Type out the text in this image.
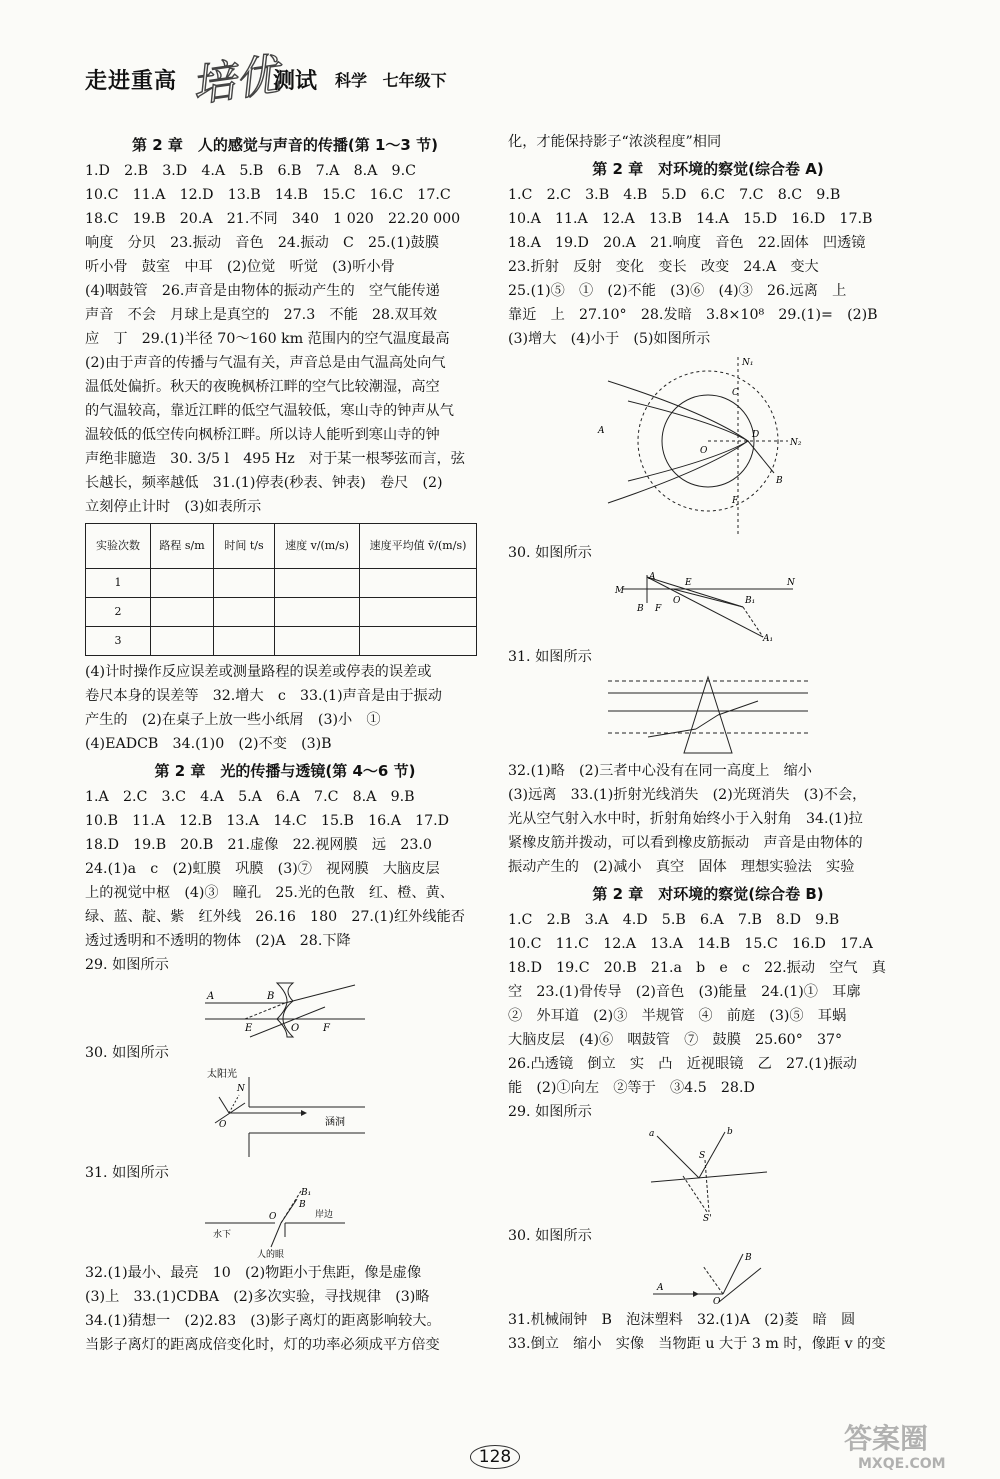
走进重高 培优
测试 科学 七年级下

第 2 章　人的感觉与声音的传播(第 1～3 节)

1.D　2.B　3.D　4.A　5.B　6.B　7.A　8.A　9.C

10.C　11.A　12.D　13.B　14.B　15.C　16.C　17.C

18.C　19.B　20.A　21.不同　340　1 020　22.20 000

响度　分贝　23.振动　音色　24.振动　C　25.(1)鼓膜

听小骨　鼓室　中耳　(2)位觉　听觉　(3)听小骨

(4)咽鼓管　26.声音是由物体的振动产生的　空气能传递

声音　不会　月球上是真空的　27.3　不能　28.双耳效

应　丁　29.(1)半径 70～160 km 范围内的空气温度最高

(2)由于声音的传播与气温有关，声音总是由气温高处向气

温低处偏折。秋天的夜晚枫桥江畔的空气比较潮湿，高空

的气温较高，靠近江畔的低空气温较低，寒山寺的钟声从气

温较低的低空传向枫桥江畔。所以诗人能听到寒山寺的钟

声绝非臆造　30. 3/5 l　495 Hz　对于某一根琴弦而言，弦

长越长，频率越低　31.(1)停表(秒表、钟表)　卷尺　(2)

立刻停止计时　(3)如表所示

实验次数	路程 s/m	时间 t/s	速度 v/(m/s)	速度平均值 v̄/(m/s)
1				
2				
3				

(4)计时操作反应误差或测量路程的误差或停表的误差或

卷尺本身的误差等　32.增大　c　33.(1)声音是由于振动

产生的　(2)在桌子上放一些小纸屑　(3)小　①

(4)EADCB　34.(1)0　(2)不变　(3)B

第 2 章　光的传播与透镜(第 4～6 节)

1.A　2.C　3.C　4.A　5.A　6.A　7.C　8.A　9.B

10.B　11.A　12.B　13.A　14.C　15.B　16.A　17.D

18.D　19.B　20.B　21.虚像　22.视网膜　远　23.0

24.(1)a　c　(2)虹膜　巩膜　(3)⑦　视网膜　大脑皮层

上的视觉中枢　(4)③　瞳孔　25.光的色散　红、橙、黄、

绿、蓝、靛、紫　红外线　26.16　180　27.(1)红外线能否

透过透明和不透明的物体　(2)A　28.下降

29. 如图所示

A	B
E	O F

30. 如图所示

太阳光
N
O	涵洞

31. 如图所示

B₁
B
O	岸边
水下
人的眼

32.(1)最小、最亮　10　(2)物距小于焦距，像是虚像

(3)上　33.(1)CDBA　(2)多次实验，寻找规律　(3)略

34.(1)猜想一　(2)2.83　(3)影子离灯的距离影响较大。

当影子离灯的距离成倍变化时，灯的功率必须成平方倍变

化，才能保持影子“浓淡程度”相同

第 2 章　对环境的察觉(综合卷 A)

1.C　2.C　3.B　4.B　5.D　6.C　7.C　8.C　9.B

10.A　11.A　12.A　13.B　14.A　15.D　16.D　17.B

18.A　19.D　20.A　21.响度　音色　22.固体　凹透镜

23.折射　反射　变化　变长　改变　24.A　变大

25.(1)⑤　①　(2)不能　(3)⑥　(4)③　26.远离　上

靠近　上　27.10°　28.发暗　3.8×10⁸　29.(1)=　(2)B

(3)增大　(4)小于　(5)如图所示

N₁
C
A	D
N₂
O
B
F

30. 如图所示

M
A
B F
O
E
B₁
A₁
N

31. 如图所示

32.(1)略　(2)三者中心没有在同一高度上　缩小

(3)远离　33.(1)折射光线消失　(2)光斑消失　(3)不会，

光从空气射入水中时，折射角始终小于入射角　34.(1)拉

紧橡皮筋并拨动，可以看到橡皮筋振动　声音是由物体的

振动产生的　(2)减小　真空　固体　理想实验法　实验

第 2 章　对环境的察觉(综合卷 B)

1.C　2.B　3.A　4.D　5.B　6.A　7.B　8.D　9.B

10.C　11.C　12.A　13.A　14.B　15.C　16.D　17.A

18.D　19.C　20.B　21.a　b　e　c　22.振动　空气　真

空　23.(1)骨传导　(2)音色　(3)能量　24.(1)①　耳廓

②　外耳道　(2)③　半规管　④　前庭　(3)⑤　耳蜗

大脑皮层　(4)⑥　咽鼓管　⑦　鼓膜　25.60°　37°

26.凸透镜　倒立　实　凸　近视眼镜　乙　27.(1)振动

能　(2)①向左　②等于　③4.5　28.D

29. 如图所示

a	b
S
S'

30. 如图所示

A
B
O

31.机械闹钟　B　泡沫塑料　32.(1)A　(2)菱　暗　圆

33.倒立　缩小　实像　当物距 u 大于 3 m 时，像距 v 的变

128
答案圈
MXQE.COM
